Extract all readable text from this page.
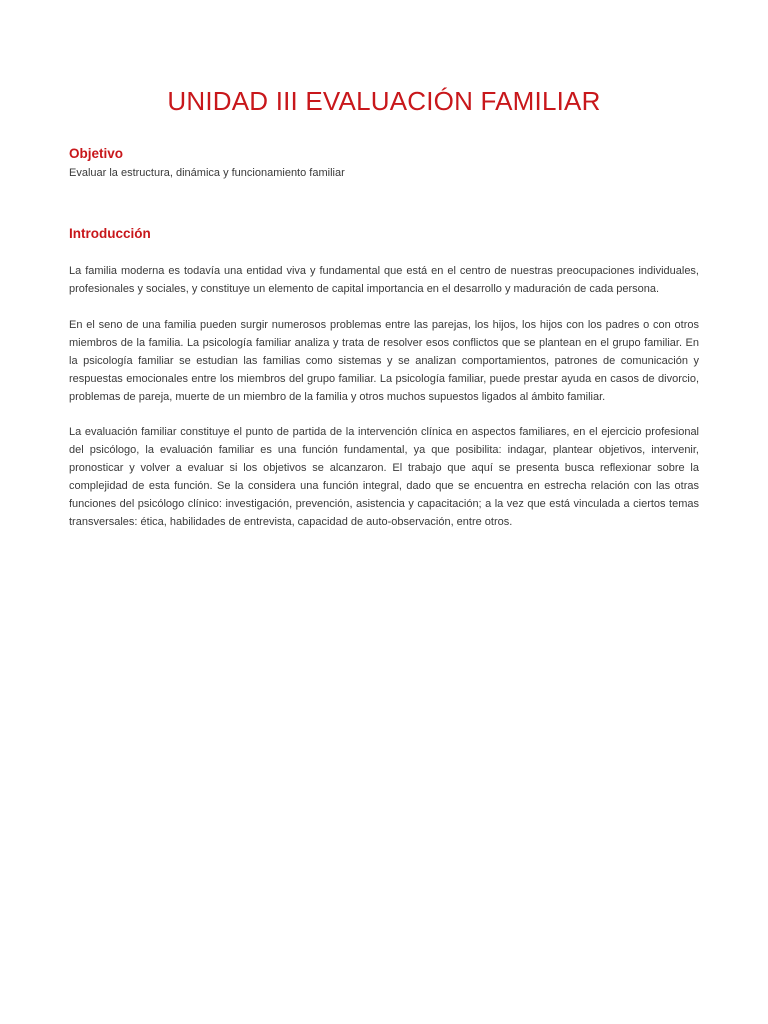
UNIDAD III EVALUACIÓN FAMILIAR
Objetivo

Evaluar la estructura, dinámica y funcionamiento familiar

Introducción

La familia moderna es todavía una entidad viva y fundamental que está en el centro de nuestras preocupaciones individuales, profesionales y sociales, y constituye un elemento de capital importancia en el desarrollo y maduración de cada persona.

En el seno de una familia pueden surgir numerosos problemas entre las parejas, los hijos, los hijos con los padres o con otros miembros de la familia. La psicología familiar analiza y trata de resolver esos conflictos que se plantean en el grupo familiar. En la psicología familiar se estudian las familias como sistemas y se analizan comportamientos, patrones de comunicación y respuestas emocionales entre los miembros del grupo familiar. La psicología familiar, puede prestar ayuda en casos de divorcio, problemas de pareja, muerte de un miembro de la familia y otros muchos supuestos ligados al ámbito familiar.

La evaluación familiar constituye el punto de partida de la intervención clínica en aspectos familiares, en el ejercicio profesional del psicólogo, la evaluación familiar es una función fundamental, ya que posibilita: indagar, plantear objetivos, intervenir, pronosticar y volver a evaluar si los objetivos se alcanzaron. El trabajo que aquí se presenta busca reflexionar sobre la complejidad de esta función. Se la considera una función integral, dado que se encuentra en estrecha relación con las otras funciones del psicólogo clínico: investigación, prevención, asistencia y capacitación; a la vez que está vinculada a ciertos temas transversales: ética, habilidades de entrevista, capacidad de auto-observación, entre otros.
